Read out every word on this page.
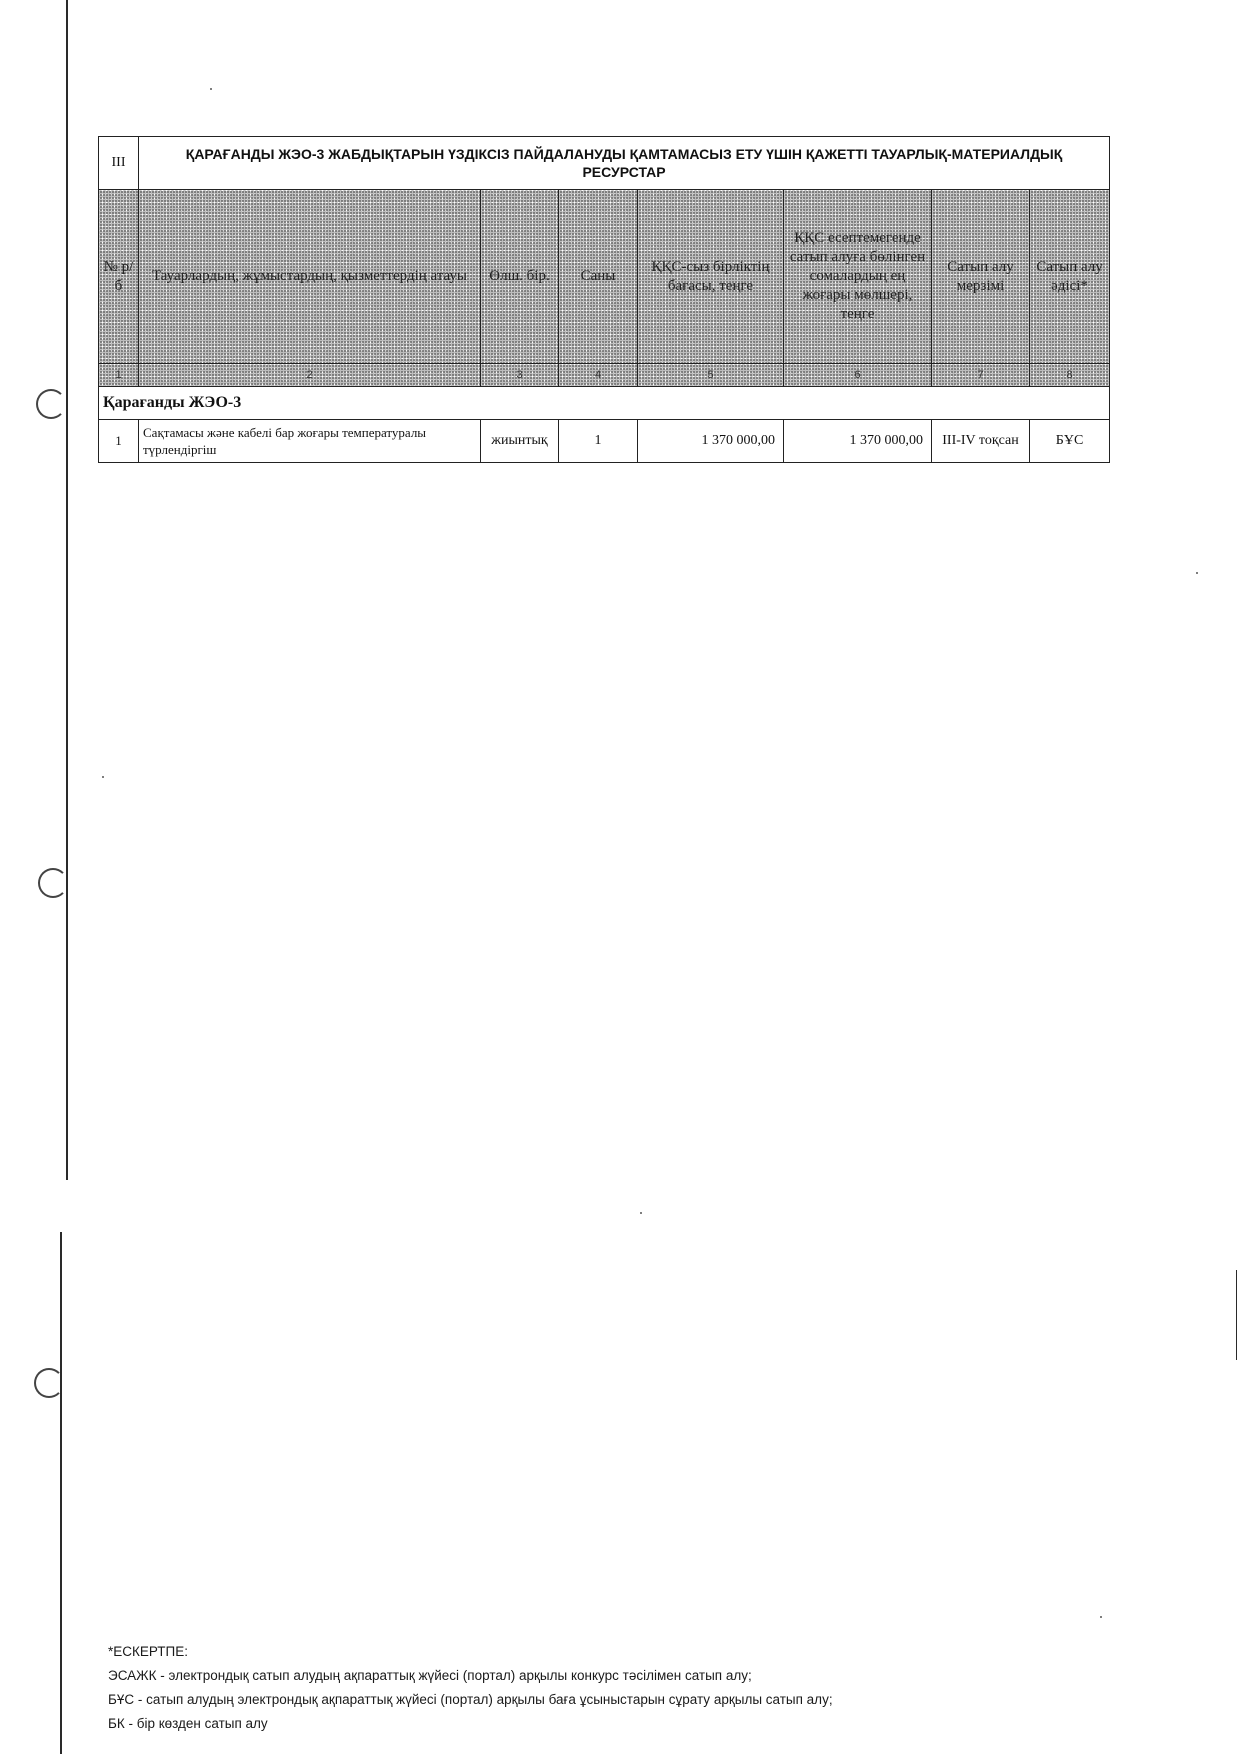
III	ҚАРАҒАНДЫ ЖЭО-3 ЖАБДЫҚТАРЫН ҮЗДІКСІЗ ПАЙДАЛАНУДЫ ҚАМТАМАСЫЗ ЕТУ ҮШІН ҚАЖЕТТІ ТАУАРЛЫҚ-МАТЕРИАЛДЫҚ РЕСУРСТАР						
№ р/б	Тауарлардың, жұмыстардың, қызметтердің атауы	Өлш. бір.	Саны	ҚҚС-сыз бірліктің бағасы, теңге	ҚҚС есептемегенде сатып алуға бөлінген сомалардың ең жоғары мөлшері, теңге	Сатып алу мерзімі	Сатып алу әдісі*
1	2	3	4	5	6	7	8
Қарағанды ЖЭО-3							
1	Сақтамасы және кабелі бар жоғары температуралы түрлендіргіш	жиынтық	1	1 370 000,00	1 370 000,00	III-IV тоқсан	БҰС
*ЕСКЕРТПЕ:
ЭСАЖК - электрондық сатып алудың ақпараттық жүйесі (портал) арқылы конкурс тәсілімен сатып алу;
БҰС - сатып алудың электрондық ақпараттық жүйесі (портал) арқылы баға ұсыныстарын сұрату арқылы сатып алу;
БК - бір көзден сатып алу
